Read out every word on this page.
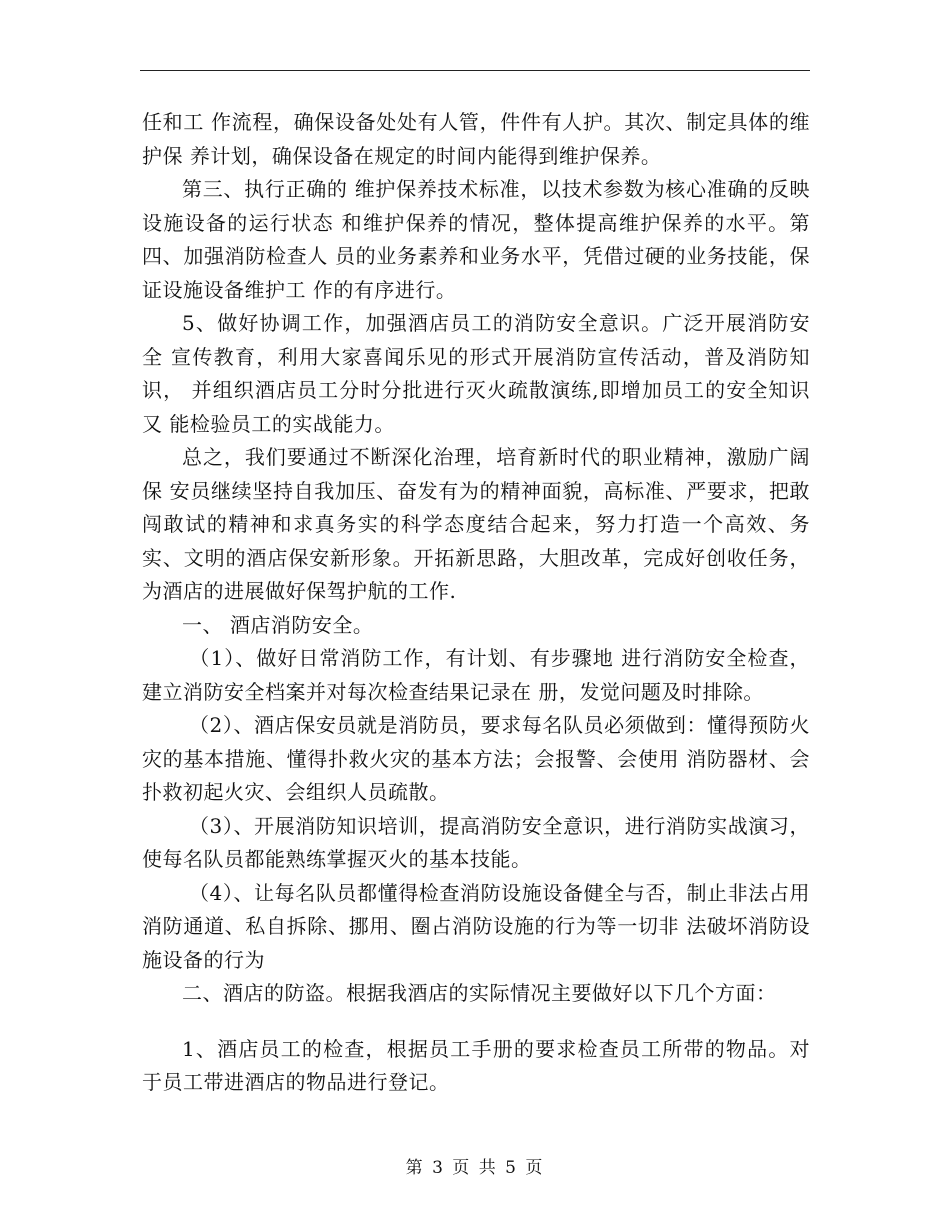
任和工 作流程，确保设备处处有人管，件件有人护。其次、制定具体的维护保 养计划，确保设备在规定的时间内能得到维护保养。

第三、执行正确的 维护保养技术标准，以技术参数为核心准确的反映设施设备的运行状态 和维护保养的情况，整体提高维护保养的水平。第四、加强消防检查人 员的业务素养和业务水平，凭借过硬的业务技能，保证设施设备维护工 作的有序进行。

5、做好协调工作，加强酒店员工的消防安全意识。广泛开展消防安全 宣传教育，利用大家喜闻乐见的形式开展消防宣传活动，普及消防知识， 并组织酒店员工分时分批进行灭火疏散演练,即增加员工的安全知识又 能检验员工的实战能力。

总之，我们要通过不断深化治理，培育新时代的职业精神，激励广阔保 安员继续坚持自我加压、奋发有为的精神面貌，高标准、严要求，把敢 闯敢试的精神和求真务实的科学态度结合起来，努力打造一个高效、务 实、文明的酒店保安新形象。开拓新思路，大胆改革，完成好创收任务， 为酒店的进展做好保驾护航的工作.

一、 酒店消防安全。

（1）、做好日常消防工作，有计划、有步骤地 进行消防安全检查，建立消防安全档案并对每次检查结果记录在 册，发觉问题及时排除。

（2）、酒店保安员就是消防员，要求每名队员必须做到：懂得预防火灾的基本措施、懂得扑救火灾的基本方法；会报警、会使用 消防器材、会扑救初起火灾、会组织人员疏散。

（3）、开展消防知识培训，提高消防安全意识，进行消防实战演习，使每名队员都能熟练掌握灭火的基本技能。

（4）、让每名队员都懂得检查消防设施设备健全与否，制止非法占用消防通道、私自拆除、挪用、圈占消防设施的行为等一切非 法破坏消防设施设备的行为

二、酒店的防盗。根据我酒店的实际情况主要做好以下几个方面：

1、酒店员工的检查，根据员工手册的要求检查员工所带的物品。对于员工带进酒店的物品进行登记。

第 3 页 共 5 页
